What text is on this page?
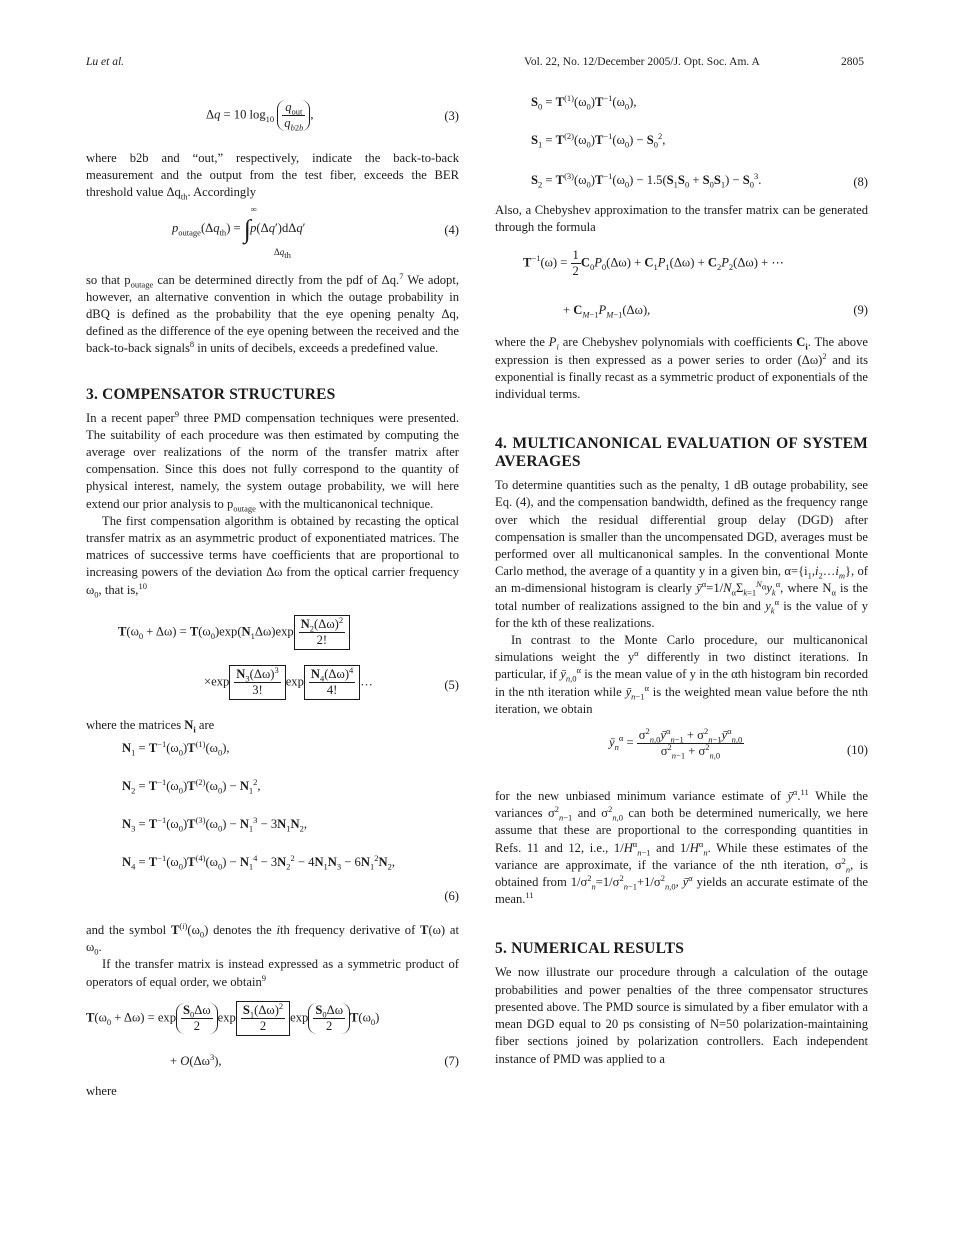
Lu et al.	Vol. 22, No. 12/December 2005/J. Opt. Soc. Am. A	2805
Δq = 10 $\log_{10} \frac{q_{out}}{q_{b2b}}$ ,	(3)

where b2b and “out,” respectively, indicate the back-to-back measurement and the output from the test fiber, exceeds the BER threshold value $\Delta q_{th}$. Accordingly

$p_{outage}(\Delta q_{th}) = \int^\infty$ p(Δq′)dΔq′
$\Delta q_{th}$
(4)

so that $p_{outage}$ can be determined directly from the pdf of Δq.$^7$ We adopt, however, an alternative convention in which the outage probability in dBQ is defined as the probability that the eye opening penalty Δq, defined as the difference of the eye opening between the received and the back-to-back signals$^8$ in units of decibels, exceeds a predefined value.

3. COMPENSATOR STRUCTURES

In a recent paper$^9$ three PMD compensation techniques were presented. The suitability of each procedure was then estimated by computing the average over realizations of the norm of the transfer matrix after compensation. Since this does not fully correspond to the quantity of physical interest, namely, the system outage probability, we will here extend our prior analysis to $p_{outage}$ with the multicanonical technique.

The first compensation algorithm is obtained by recasting the optical transfer matrix as an asymmetric product of exponentiated matrices. The matrices of successive terms have coefficients that are proportional to increasing powers of the deviation Δω from the optical carrier frequency $\omega_0$, that is,$^{10}$

$T(\omega_0 + \Delta\omega) = T(\omega_0)\exp(N_1\Delta\omega)\exp \frac{N_2(\Delta\omega)^2}{2!}$
$\times\exp \frac{N_3(\Delta\omega)^3}{3!}$ $\exp \frac{N_4(\Delta\omega)^4}{4!}$ …	(5)

where the matrices $N_i$ are

$N_1 = T^{-1}(\omega_0)T^{(1)}(\omega_0)$,
$N_2 = T^{-1}(\omega_0)T^{(2)}(\omega_0) - N_1^2$,
$N_3 = T^{-1}(\omega_0)T^{(3)}(\omega_0) - N_1^3 - 3N_1N_2$,
$N_4 = T^{-1}(\omega_0)T^{(4)}(\omega_0) - N_1^4 - 3N_2^2 - 4N_1N_3 - 6N_1^2N_2$,
(6)

and the symbol $T^{(i)}(\omega_0)$ denotes the ith frequency derivative of T(ω) at $\omega_0$.

If the transfer matrix is instead expressed as a symmetric product of operators of equal order, we obtain$^9$

$T(\omega_0 + \Delta\omega) = \exp \frac{S_0\Delta\omega}{2}$ $\exp \frac{S_1(\Delta\omega)^2}{2}$ $\exp \frac{S_0\Delta\omega}{2} T(\omega_0)$
+ $O(\Delta\omega^3)$,	(7)

where

$S_0 = T^{(1)}(\omega_0)T^{-1}(\omega_0)$,
$S_1 = T^{(2)}(\omega_0)T^{-1}(\omega_0) - S_0^2$,
$S_2 = T^{(3)}(\omega_0)T^{-1}(\omega_0) - 1.5(S_1S_0 + S_0S_1) - S_0^3$.	(8)

Also, a Chebyshev approximation to the transfer matrix can be generated through the formula

$T^{-1}(\omega) = \frac{1}{2} C_0P_0(\Delta\omega) + C_1P_1(\Delta\omega) + C_2P_2(\Delta\omega)$ + ⋯
+ $C_{M-1}P_{M-1}(\Delta\omega)$,	(9)

where the $P_i$ are Chebyshev polynomials with coefficients $C_i$. The above expression is then expressed as a power series to order $(\Delta\omega)^2$ and its exponential is finally recast as a symmetric product of exponentials of the individual terms.

4. MULTICANONICAL EVALUATION OF SYSTEM AVERAGES

To determine quantities such as the penalty, 1 dB outage probability, see Eq. (4), and the compensation bandwidth, defined as the frequency range over which the residual differential group delay (DGD) after compensation is smaller than the uncompensated DGD, averages must be performed over all multicanonical samples. In the conventional Monte Carlo method, the average of a quantity y in a given bin, $\alpha=\{i_1,i_2\dots i_m\}$, of an m-dimensional histogram is clearly $ȳ^\alpha=1/N_\alpha\Sigma_{k=1}^{N_\alpha}y_k^\alpha$, where $N_\alpha$ is the total number of realizations assigned to the bin and $y_k^\alpha$ is the value of y for the kth of these realizations.

In contrast to the Monte Carlo procedure, our multicanonical simulations weight the $y^\alpha$ differently in two distinct iterations. In particular, if $ȳ_{n,0}^\alpha$ is the mean value of y in the αth histogram bin recorded in the nth iteration while $ȳ_{n-1}^\alpha$ is the weighted mean value before the nth iteration, we obtain

$ȳ_n^\alpha = \frac{\sigma^2_{n,0}ȳ^\alpha_{n-1} + \sigma^2_{n-1}ȳ^\alpha_{n,0}}{\sigma^2_{n-1} + \sigma^2_{n,0}}$	(10)

for the new unbiased minimum variance estimate of ȳ$^\alpha$.$^{11}$ While the variances $\sigma^2_{n-1}$ and $\sigma^2_{n,0}$ can both be determined numerically, we here assume that these are proportional to the corresponding quantities in Refs. 11 and 12, i.e., $1/H^\alpha_{n-1}$ and $1/H^\alpha_n$. While these estimates of the variance are approximate, if the variance of the nth iteration, $\sigma^2_n$, is obtained from $1/\sigma^2_n=1/\sigma^2_{n-1}+1/\sigma^2_{n,0}$, ȳ$^\alpha$ yields an accurate estimate of the mean.$^{11}$

5. NUMERICAL RESULTS

We now illustrate our procedure through a calculation of the outage probabilities and power penalties of the three compensator structures presented above. The PMD source is simulated by a fiber emulator with a mean DGD equal to 20 ps consisting of N=50 polarization-maintaining fiber sections joined by polarization controllers. Each independent instance of PMD was applied to a
